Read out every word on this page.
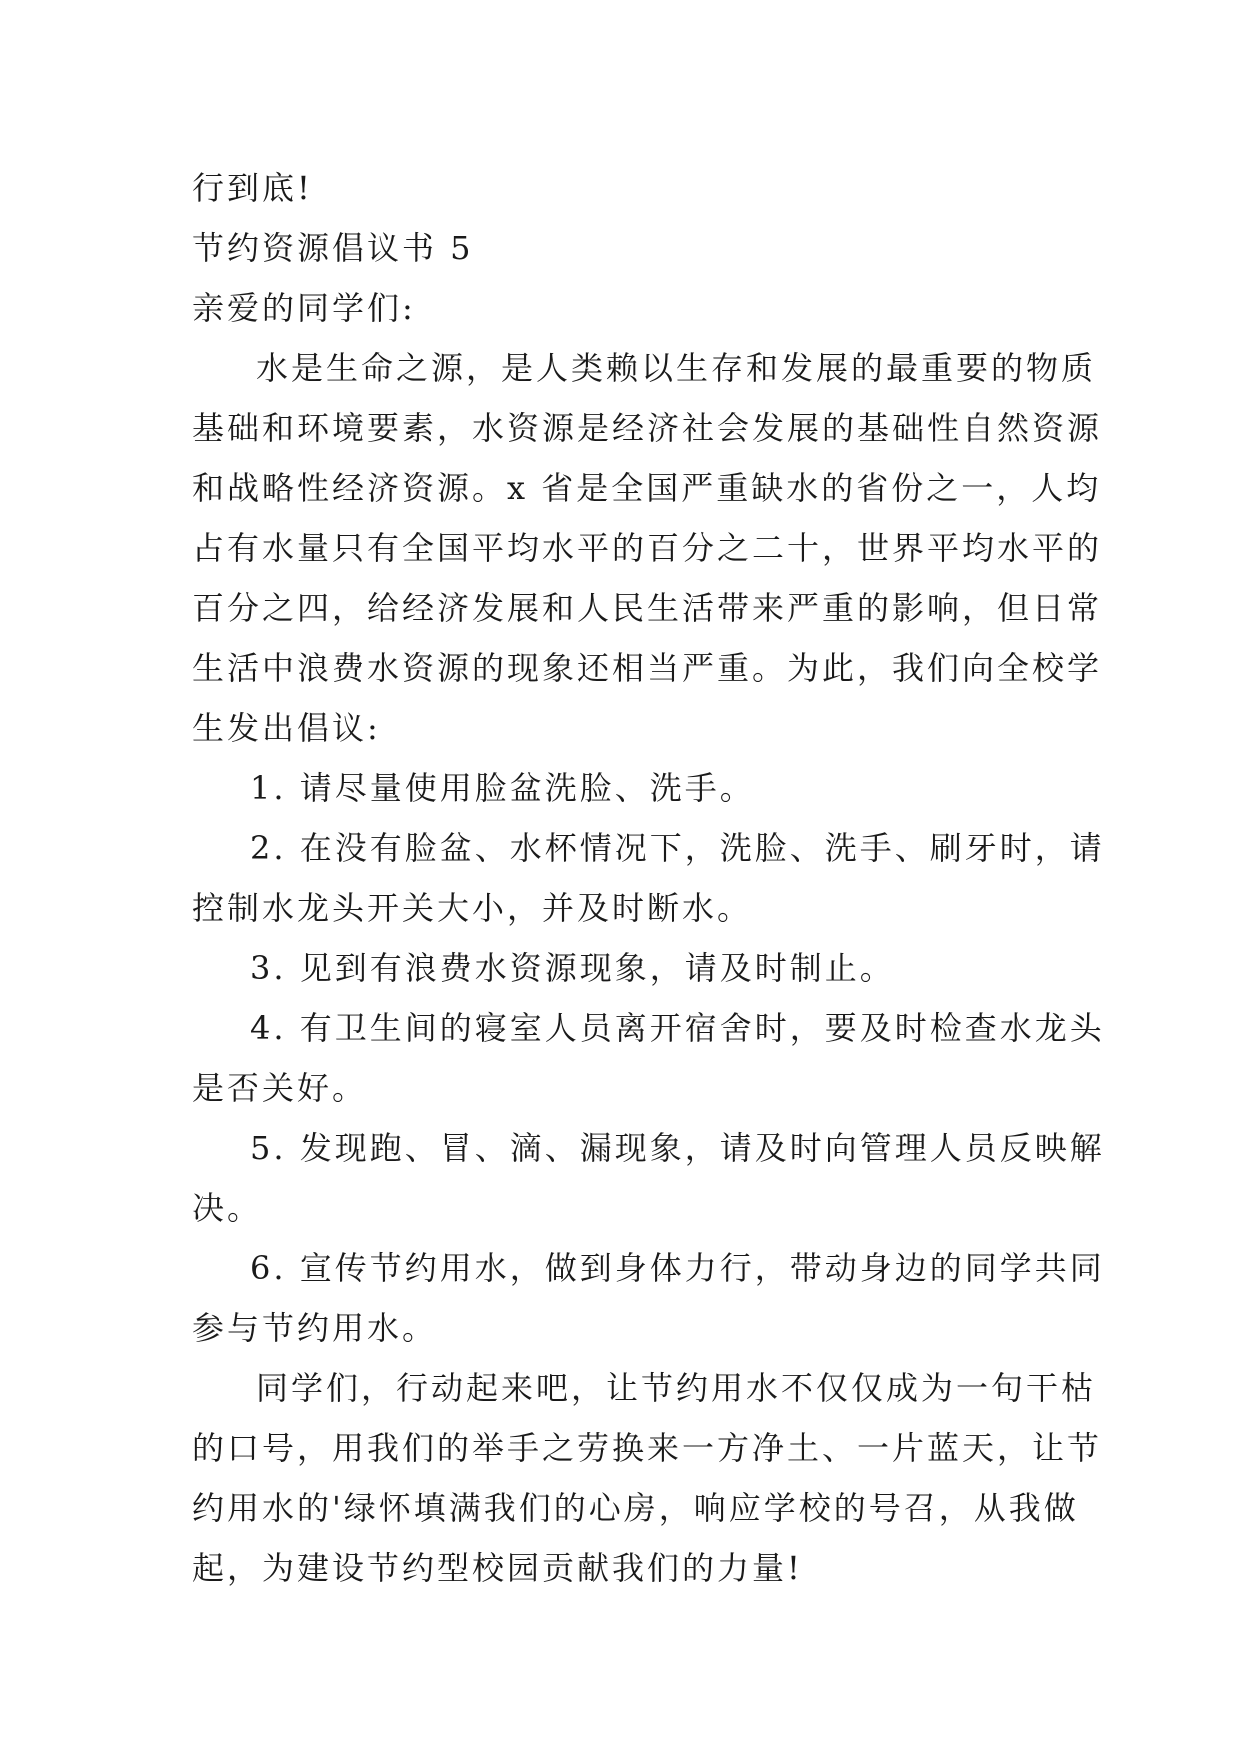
行到底!
节约资源倡议书 5
亲爱的同学们:
水是生命之源，是人类赖以生存和发展的最重要的物质
基础和环境要素，水资源是经济社会发展的基础性自然资源
和战略性经济资源。x 省是全国严重缺水的省份之一，人均
占有水量只有全国平均水平的百分之二十，世界平均水平的
百分之四，给经济发展和人民生活带来严重的影响，但日常
生活中浪费水资源的现象还相当严重。为此，我们向全校学
生发出倡议:
1. 请尽量使用脸盆洗脸、洗手。
2. 在没有脸盆、水杯情况下，洗脸、洗手、刷牙时，请
控制水龙头开关大小，并及时断水。
3. 见到有浪费水资源现象，请及时制止。
4. 有卫生间的寝室人员离开宿舍时，要及时检查水龙头
是否关好。
5. 发现跑、冒、滴、漏现象，请及时向管理人员反映解
决。
6. 宣传节约用水，做到身体力行，带动身边的同学共同
参与节约用水。
同学们，行动起来吧，让节约用水不仅仅成为一句干枯
的口号，用我们的举手之劳换来一方净土、一片蓝天，让节
约用水的'绿怀填满我们的心房，响应学校的号召，从我做
起，为建设节约型校园贡献我们的力量!
